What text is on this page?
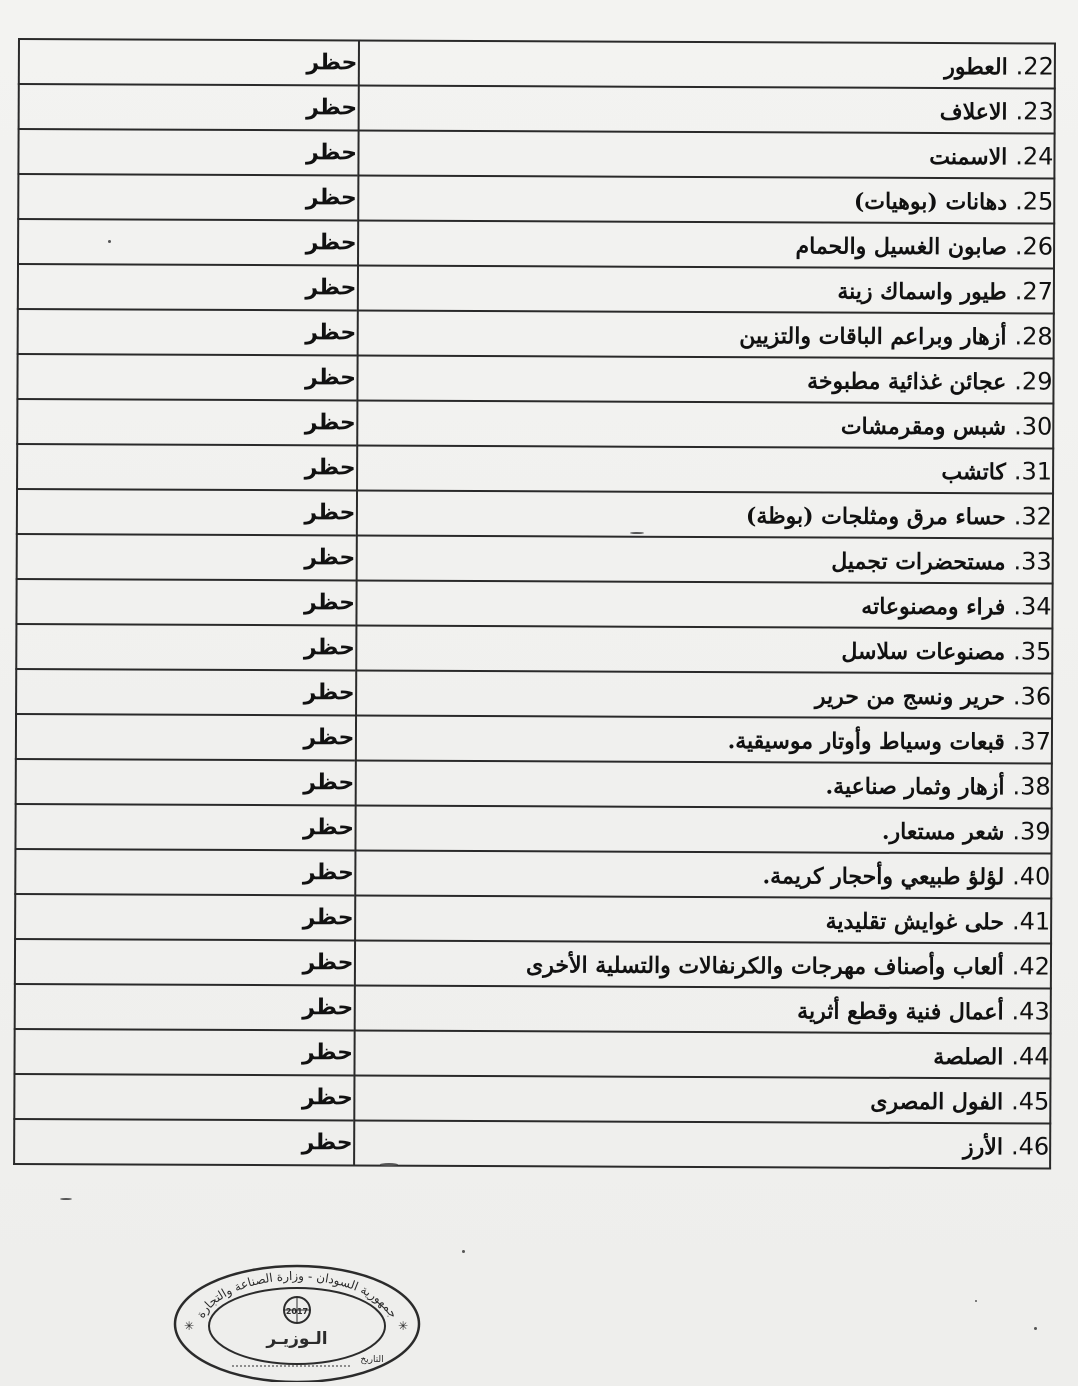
.22العطور	حظر
.23الاعلاف	حظر
.24الاسمنت	حظر
.25دهانات (بوهيات)	حظر
.26صابون الغسيل والحمام	حظر
.27طيور واسماك زينة	حظر
.28أزهار وبراعم الباقات والتزيين	حظر
.29عجائن غذائية مطبوخة	حظر
.30شبس ومقرمشات	حظر
.31كاتشب	حظر
.32حساء مرق ومثلجات (بوظة)	حظر
.33مستحضرات تجميل	حظر
.34فراء ومصنوعاته	حظر
.35مصنوعات سلاسل	حظر
.36حرير ونسج من حرير	حظر
.37قبعات وسياط وأوتار موسيقية.	حظر
.38أزهار وثمار صناعية.	حظر
.39شعر مستعار.	حظر
.40لؤلؤ طبيعي وأحجار كريمة.	حظر
.41حلى غوايش تقليدية	حظر
.42ألعاب وأصناف مهرجات والكرنفالات والتسلية الأخرى	حظر
.43أعمال فنية وقطع أثرية	حظر
.44الصلصة	حظر
.45الفول المصرى	حظر
.46الأرز	حظر
جمهورية السودان - وزارة الصناعة والتجارة
✳	✳
2017
الـوزيـر
التاريخ
